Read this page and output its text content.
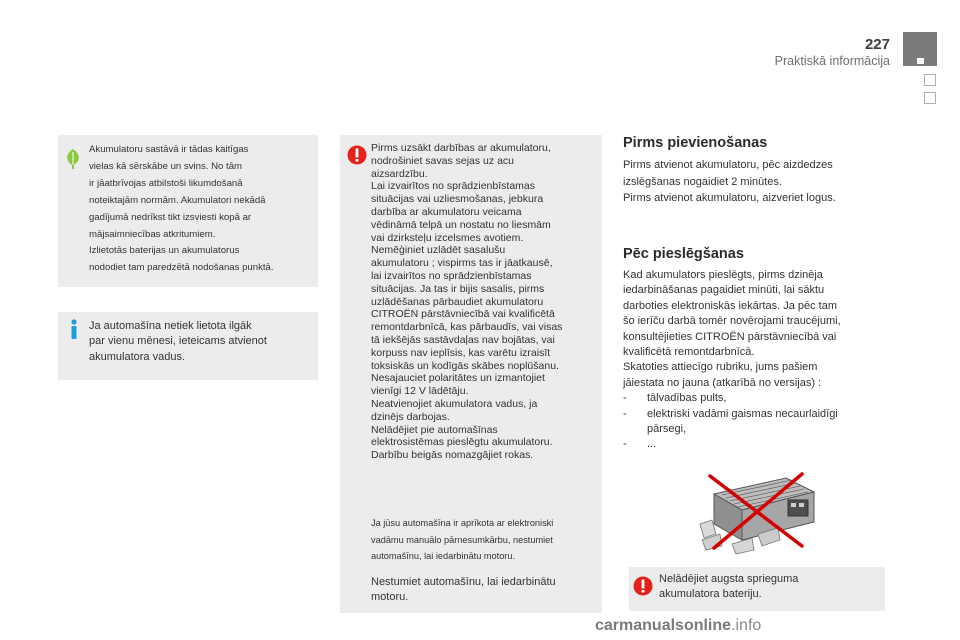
227
Praktiskā informācija
Akumulatoru sastāvā ir tādas kaitīgas
vielas kā sērskābe un svins. No tām
ir jāatbrīvojas atbilstoši likumdošanā
noteiktajām normām. Akumulatori nekādā
gadījumā nedrīkst tikt izsviesti kopā ar
mājsaimniecības atkritumiem.
Izlietotās baterijas un akumulatorus
nododiet tam paredzētā nodošanas punktā.
Ja automašīna netiek lietota ilgāk
par vienu mēnesi, ieteicams atvienot
akumulatora vadus.
Pirms uzsākt darbības ar akumulatoru,
nodrošiniet savas sejas uz acu
aizsardzību.
Lai izvairītos no sprādzienbīstamas
situācijas vai uzliesmošanas, jebkura
darbība ar akumulatoru veicama
vēdināmā telpā un nostatu no liesmām
vai dzirksteļu izcelsmes avotiem.
Nemēģiniet uzlādēt sasalušu
akumulatoru ; vispirms tas ir jāatkausē,
lai izvairītos no sprādzienbīstamas
situācijas. Ja tas ir bijis sasalis, pirms
uzlādēšanas pārbaudiet akumulatoru
CITROËN pārstāvniecībā vai kvalificētā
remontdarbnīcā, kas pārbaudīs, vai visas
tā iekšējās sastāvdaļas nav bojātas, vai
korpuss nav ieplīsis, kas varētu izraisīt
toksiskās un kodīgās skābes noplūšanu.
Nesajauciet polaritātes un izmantojiet
vienīgi 12 V lādētāju.
Neatvienojiet akumulatora vadus, ja
dzinējs darbojas.
Nelādējiet pie automašīnas
elektrosistēmas pieslēgtu akumulatoru.
Darbību beigās nomazgājiet rokas.
Ja jūsu automašīna ir aprīkota ar elektroniski
vadāmu manuālo pārnesumkārbu, nestumiet
automašīnu, lai iedarbinātu motoru.
Nestumiet automašīnu, lai iedarbinātu
motoru.
Pirms pievienošanas
Pirms atvienot akumulatoru, pēc aizdedzes
izslēgšanas nogaidiet 2 minūtes.
Pirms atvienot akumulatoru, aizveriet logus.
Pēc pieslēgšanas
Kad akumulators pieslēgts, pirms dzinēja
iedarbināšanas pagaidiet minūti, lai sāktu
darboties elektroniskās iekārtas. Ja pēc tam
šo ierīču darbā tomēr novērojami traucējumi,
konsultējieties CITROËN pārstāvniecībā vai
kvalificētā remontdarbnīcā.
Skatoties attiecīgo rubriku, jums pašiem
jāiestata no jauna (atkarībā no versijas) :
- tālvadības pults,
- elektriski vadāmi gaismas necaurlaidīgi
pārsegi,
- ...
Nelādējiet augsta sprieguma
akumulatora bateriju.
carmanualsonline.info
